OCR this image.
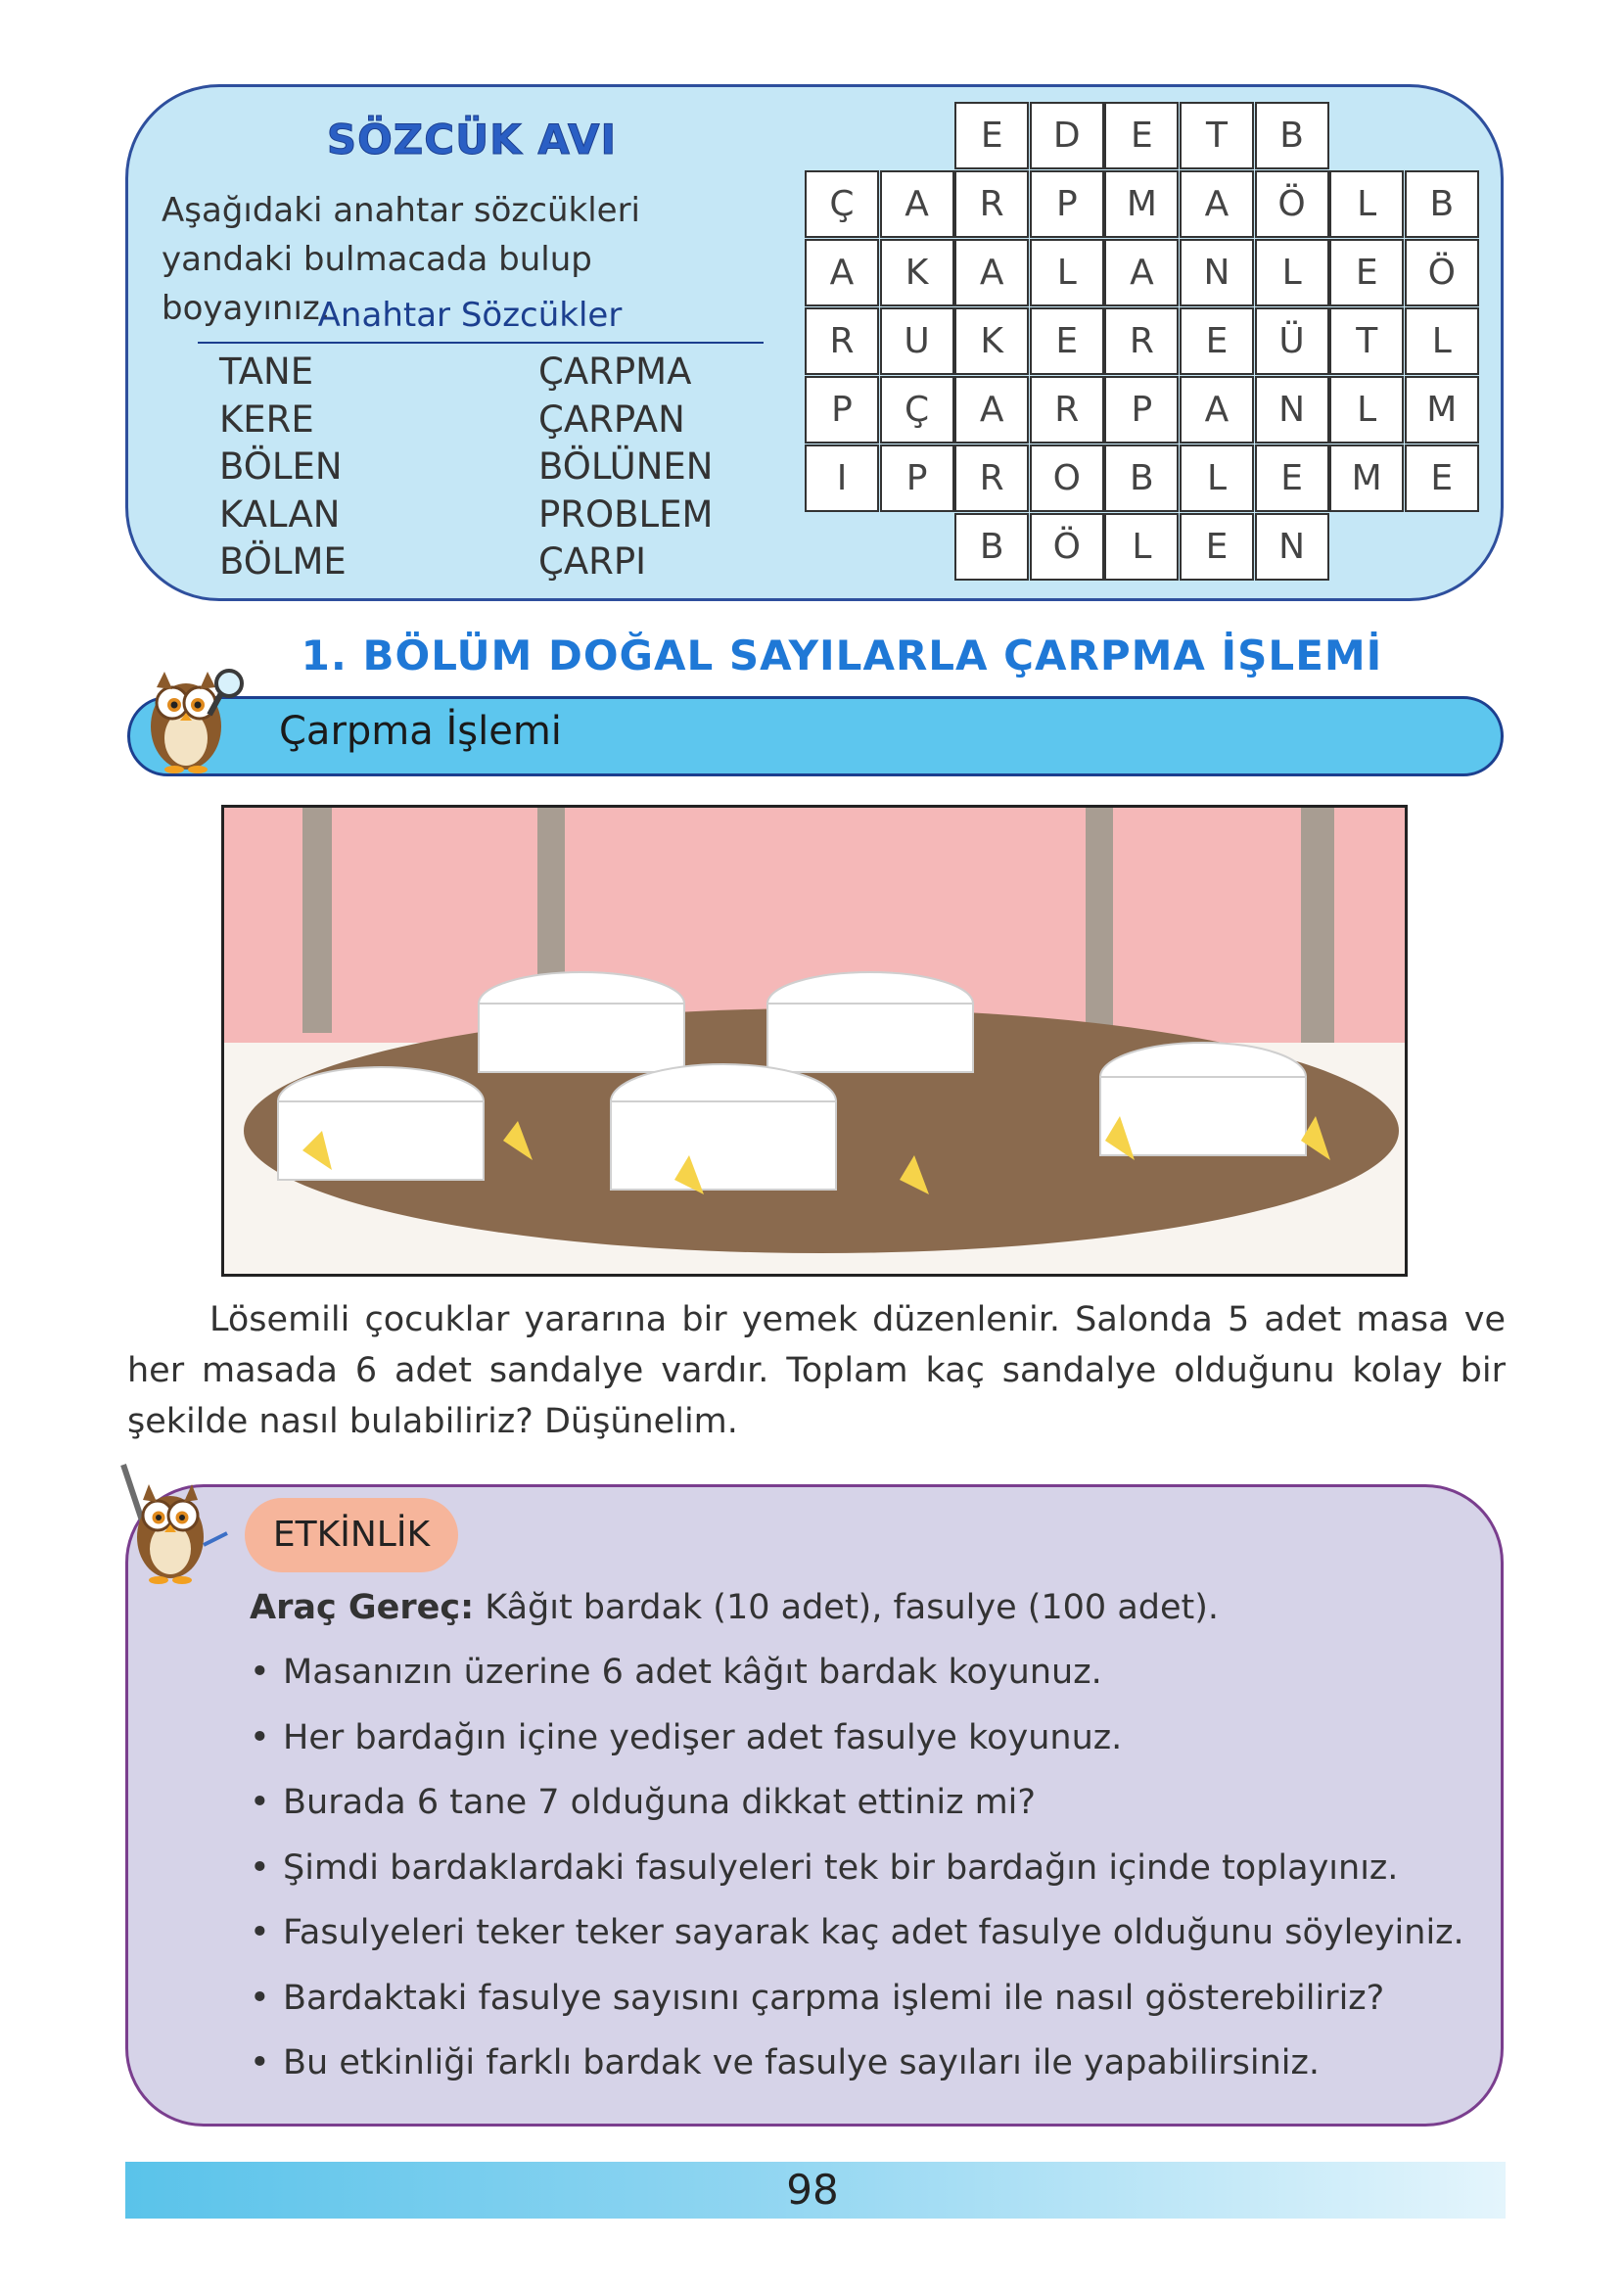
SÖZCÜK AVI
Aşağıdaki anahtar sözcükleri yandaki bulmacada bulup boyayınız.
Anahtar Sözcükler
TANE	ÇARPMA
KERE	ÇARPAN
BÖLEN	BÖLÜNEN
KALAN	PROBLEM
BÖLME	ÇARPI
E	D	E	T	B
Ç	A	R	P	M	A	Ö	L	B
A	K	A	L	A	N	L	E	Ö
R	U	K	E	R	E	Ü	T	L
P	Ç	A	R	P	A	N	L	M
I	P	R	O	B	L	E	M	E
B	Ö	L	E	N
1. BÖLÜM DOĞAL SAYILARLA ÇARPMA İŞLEMİ
Çarpma İşlemi
Lösemili çocuklar yararına bir yemek düzenlenir. Salonda 5 adet masa ve her masada 6 adet sandalye vardır. Toplam kaç sandalye olduğunu kolay bir şekilde nasıl bulabiliriz? Düşünelim.
ETKİNLİK
Araç Gereç: Kâğıt bardak (10 adet), fasulye (100 adet).
• Masanızın üzerine 6 adet kâğıt bardak koyunuz.
• Her bardağın içine yedişer adet fasulye koyunuz.
• Burada 6 tane 7 olduğuna dikkat ettiniz mi?
• Şimdi bardaklardaki fasulyeleri tek bir bardağın içinde toplayınız.
• Fasulyeleri teker teker sayarak kaç adet fasulye olduğunu söyleyiniz.
• Bardaktaki fasulye sayısını çarpma işlemi ile nasıl gösterebiliriz?
• Bu etkinliği farklı bardak ve fasulye sayıları ile yapabilirsiniz.
98
